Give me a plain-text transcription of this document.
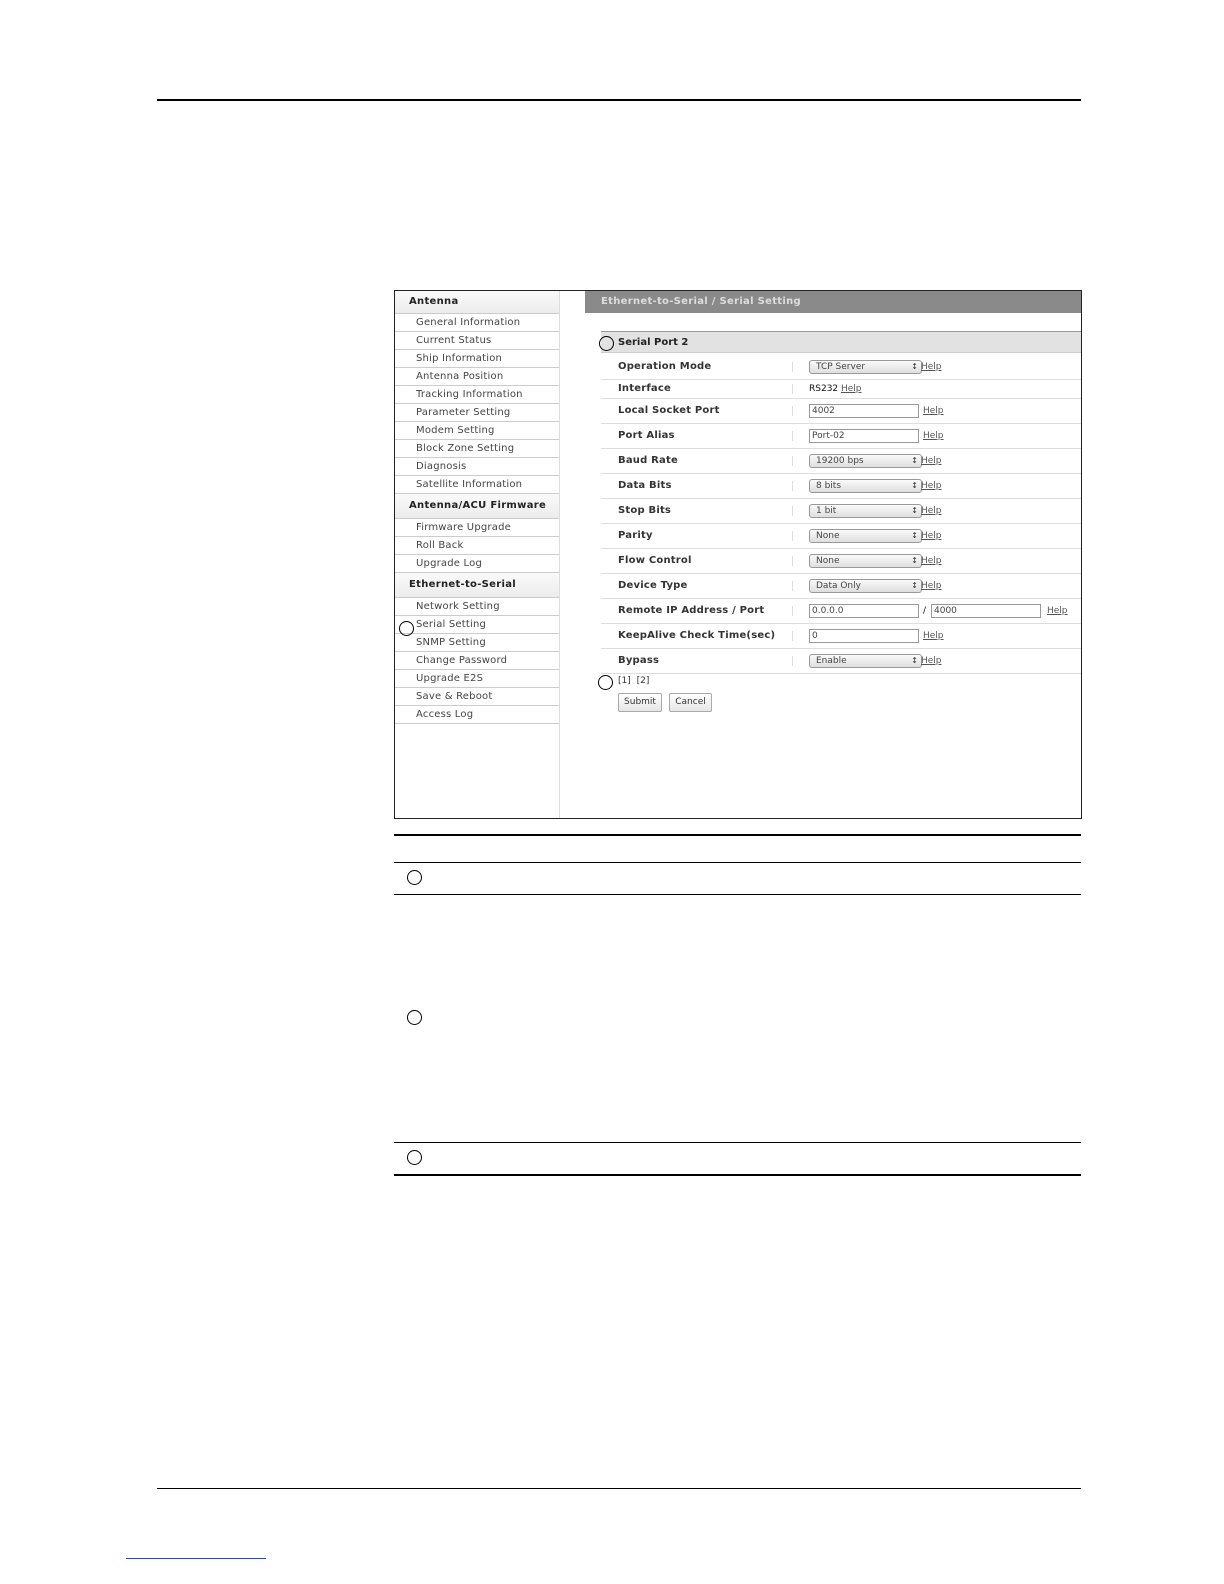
Antenna
General Information
Current Status
Ship Information
Antenna Position
Tracking Information
Parameter Setting
Modem Setting
Block Zone Setting
Diagnosis
Satellite Information
Antenna/ACU Firmware
Firmware Upgrade
Roll Back
Upgrade Log
Ethernet-to-Serial
Network Setting
Serial Setting
SNMP Setting
Change Password
Upgrade E2S
Save & Reboot
Access Log
Ethernet-to-Serial / Serial Setting
Serial Port 2
Operation Mode	TCP Server	↕ Help
Interface	RS232 Help
Local Socket Port	4002	Help
Port Alias	Port-02	Help
Baud Rate	19200 bps	↕ Help
Data Bits	8 bits	↕ Help
Stop Bits	1 bit	↕ Help
Parity	None	↕ Help
Flow Control	None	↕ Help
Device Type	Data Only	↕ Help
Remote IP Address / Port	0.0.0.0	/ 4000	Help
KeepAlive Check Time(sec)	0	Help
Bypass	Enable	↕ Help
[1] [2]
Submit	Cancel
